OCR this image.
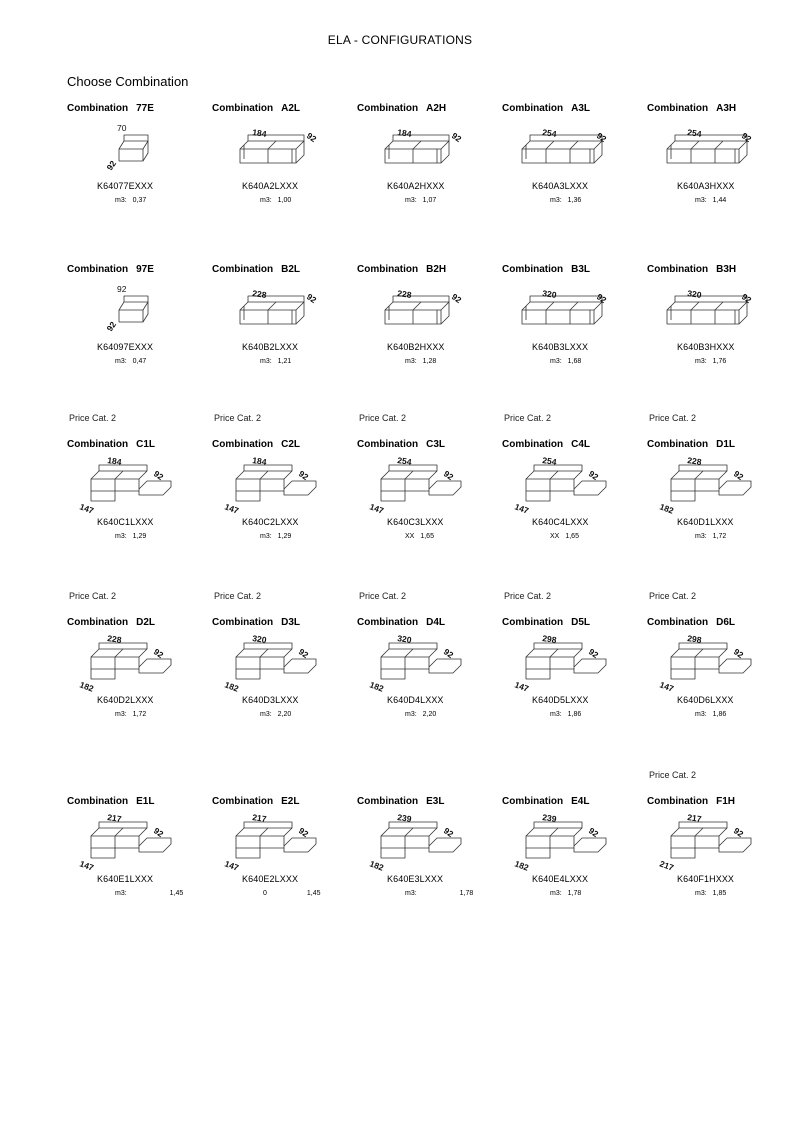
ELA - CONFIGURATIONS
Choose Combination
Combination 77E
70
92
K64077EXXX
m3: 0,37
Combination A2L
184	92
K640A2LXXX
m3: 1,00
Combination A2H
184	92
K640A2HXXX
m3: 1,07
Combination A3L
254	92
K640A3LXXX
m3: 1,36
Combination A3H
254	92
K640A3HXXX
m3: 1,44
Combination 97E
92
92
K64097EXXX
m3: 0,47
Combination B2L
228	92
K640B2LXXX
m3: 1,21
Combination B2H
228	92
K640B2HXXX
m3: 1,28
Combination B3L
320	92
K640B3LXXX
m3: 1,68
Combination B3H
320	92
K640B3HXXX
m3: 1,76
Price Cat. 2
Combination C1L
184
92
147
K640C1LXXX
m3: 1,29
Price Cat. 2
Combination C2L
184
92
147
K640C2LXXX
m3: 1,29
Price Cat. 2
Combination C3L
254
92
147
K640C3LXXX
XX 1,65
Price Cat. 2
Combination C4L
254
92
147
K640C4LXXX
XX 1,65
Price Cat. 2
Combination D1L
228
92
182
K640D1LXXX
m3: 1,72
Price Cat. 2
Combination D2L
228
92
182
K640D2LXXX
m3: 1,72
Price Cat. 2
Combination D3L
320
92
182
K640D3LXXX
m3: 2,20
Price Cat. 2
Combination D4L
320
92
182
K640D4LXXX
m3: 2,20
Price Cat. 2
Combination D5L
298
92
147
K640D5LXXX
m3: 1,86
Price Cat. 2
Combination D6L
298
92
147
K640D6LXXX
m3: 1,86
Combination E1L
217
92
147
K640E1LXXX
m3:	1,45
Combination E2L
217
92
147
K640E2LXXX
0	1,45
Combination E3L
239
92
182
K640E3LXXX
m3:	1,78
Combination E4L
239
92
182
K640E4LXXX
m3: 1,78
Price Cat. 2
Combination F1H
217
92
217
K640F1HXXX
m3: 1,85
